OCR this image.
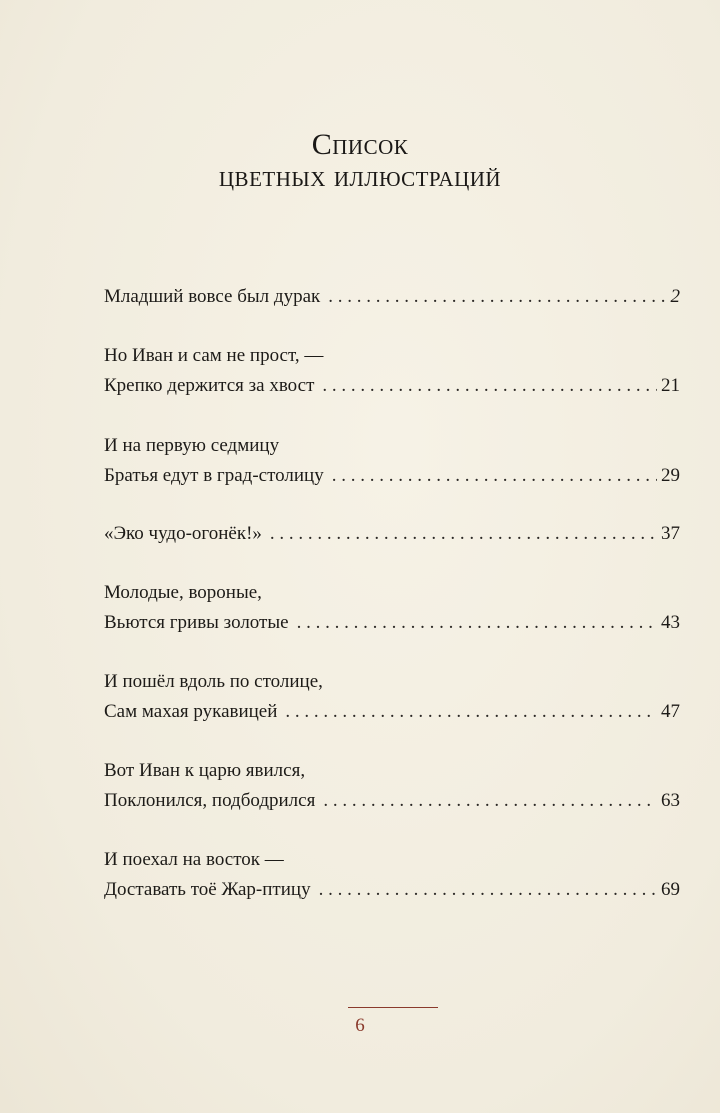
Список
цветных иллюстраций
Младший вовсе был дурак . . .	2
Но Иван и сам не прост, —
Крепко держится за хвост . . .	21
И на первую седмицу
Братья едут в град-столицу . . .	29
«Эко чудо-огонёк!» . . .	37
Молодые, вороные,
Вьются гривы золотые . . .	43
И пошёл вдоль по столице,
Сам махая рукавицей . . .	47
Вот Иван к царю явился,
Поклонился, подбодрился . . .	63
И поехал на восток —
Доставать тоё Жар-птицу . . .	69
6
